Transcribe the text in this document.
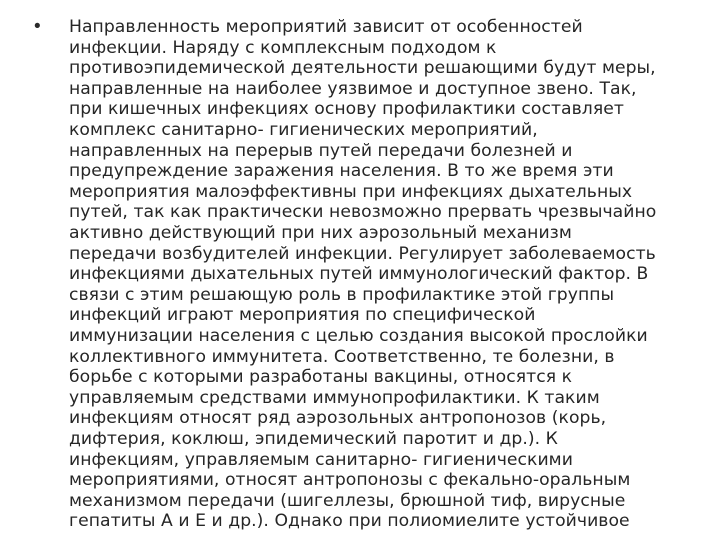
• Направленность мероприятий зависит от особенностей
инфекции. Наряду с комплексным подходом к
противоэпидемической деятельности решающими будут меры,
направленные на наиболее уязвимое и доступное звено. Так,
при кишечных инфекциях основу профилактики составляет
комплекс санитарно- гигиенических мероприятий,
направленных на перерыв путей передачи болезней и
предупреждение заражения населения. В то же время эти
мероприятия малоэффективны при инфекциях дыхательных
путей, так как практически невозможно прервать чрезвычайно
активно действующий при них аэрозольный механизм
передачи возбудителей инфекции. Регулирует заболеваемость
инфекциями дыхательных путей иммунологический фактор. В
связи с этим решающую роль в профилактике этой группы
инфекций играют мероприятия по специфической
иммунизации населения с целью создания высокой прослойки
коллективного иммунитета. Соответственно, те болезни, в
борьбе с которыми разработаны вакцины, относятся к
управляемым средствами иммунопрофилактики. К таким
инфекциям относят ряд аэрозольных антропонозов (корь,
дифтерия, коклюш, эпидемический паротит и др.). К
инфекциям, управляемым санитарно- гигиеническими
мероприятиями, относят антропонозы с фекально-оральным
механизмом передачи (шигеллезы, брюшной тиф, вирусные
гепатиты А и Е и др.). Однако при полиомиелите устойчивое
